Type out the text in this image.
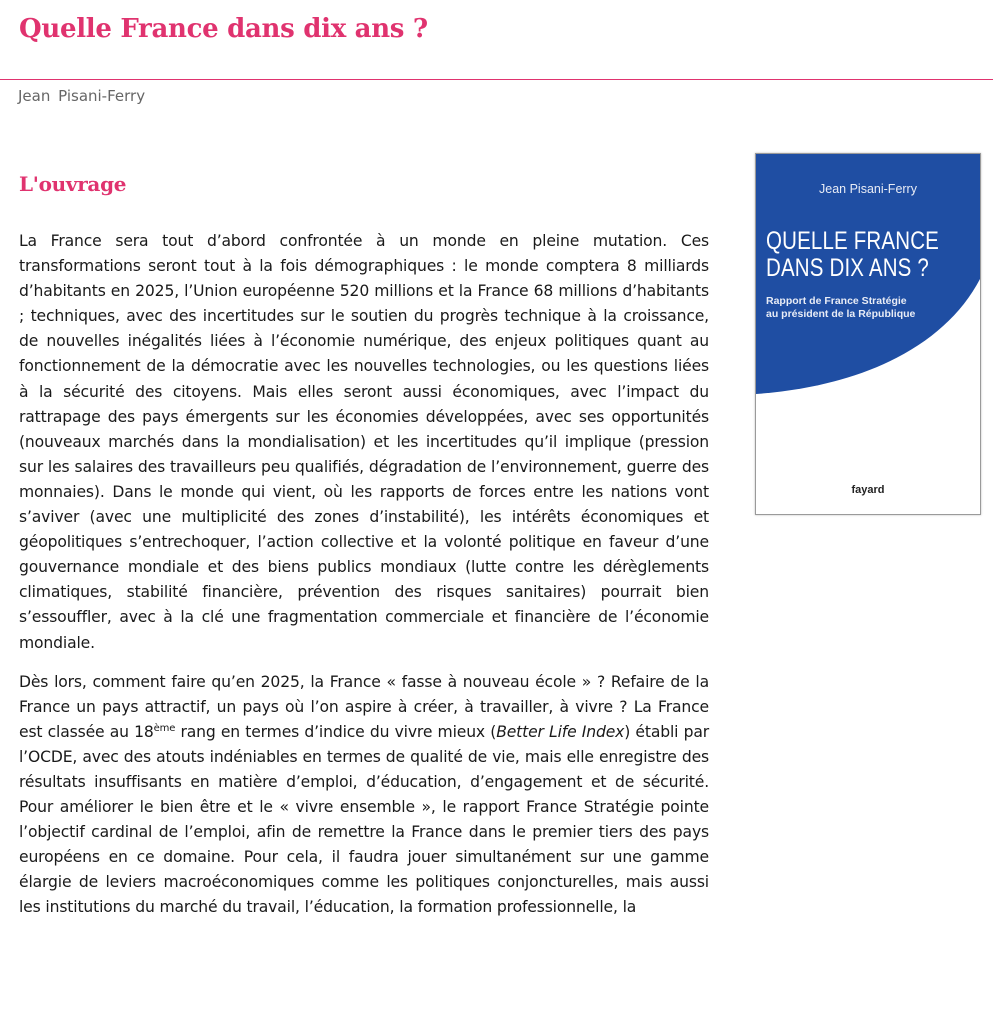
Quelle France dans dix ans ?
Jean Pisani-Ferry
L'ouvrage

La France sera tout d’abord confrontée à un monde en pleine mutation. Ces transformations seront tout à la fois démographiques : le monde comptera 8 milliards d’habitants en 2025, l’Union européenne 520 millions et la France 68 millions d’habitants ; techniques, avec des incertitudes sur le soutien du progrès technique à la croissance, de nouvelles inégalités liées à l’économie numérique, des enjeux politiques quant au fonctionnement de la démocratie avec les nouvelles technologies, ou les questions liées à la sécurité des citoyens. Mais elles seront aussi économiques, avec l’impact du rattrapage des pays émergents sur les économies développées, avec ses opportunités (nouveaux marchés dans la mondialisation) et les incertitudes qu’il implique (pression sur les salaires des travailleurs peu qualifiés, dégradation de l’environnement, guerre des monnaies). Dans le monde qui vient, où les rapports de forces entre les nations vont s’aviver (avec une multiplicité des zones d’instabilité), les intérêts économiques et géopolitiques s’entrechoquer, l’action collective et la volonté politique en faveur d’une gouvernance mondiale et des biens publics mondiaux (lutte contre les dérèglements climatiques, stabilité financière, prévention des risques sanitaires) pourrait bien s’essouffler, avec à la clé une fragmentation commerciale et financière de l’économie mondiale.

Dès lors, comment faire qu’en 2025, la France « fasse à nouveau école » ? Refaire de la France un pays attractif, un pays où l’on aspire à créer, à travailler, à vivre ? La France est classée au 18ème rang en termes d’indice du vivre mieux (Better Life Index) établi par l’OCDE, avec des atouts indéniables en termes de qualité de vie, mais elle enregistre des résultats insuffisants en matière d’emploi, d’éducation, d’engagement et de sécurité. Pour améliorer le bien être et le « vivre ensemble », le rapport France Stratégie pointe l’objectif cardinal de l’emploi, afin de remettre la France dans le premier tiers des pays européens en ce domaine. Pour cela, il faudra jouer simultanément sur une gamme élargie de leviers macroéconomiques comme les politiques conjoncturelles, mais aussi les institutions du marché du travail, l’éducation, la formation professionnelle, la

Jean Pisani-Ferry
QUELLE FRANCE
DANS DIX ANS ?
Rapport de France Stratégie
au président de la République
fayard
